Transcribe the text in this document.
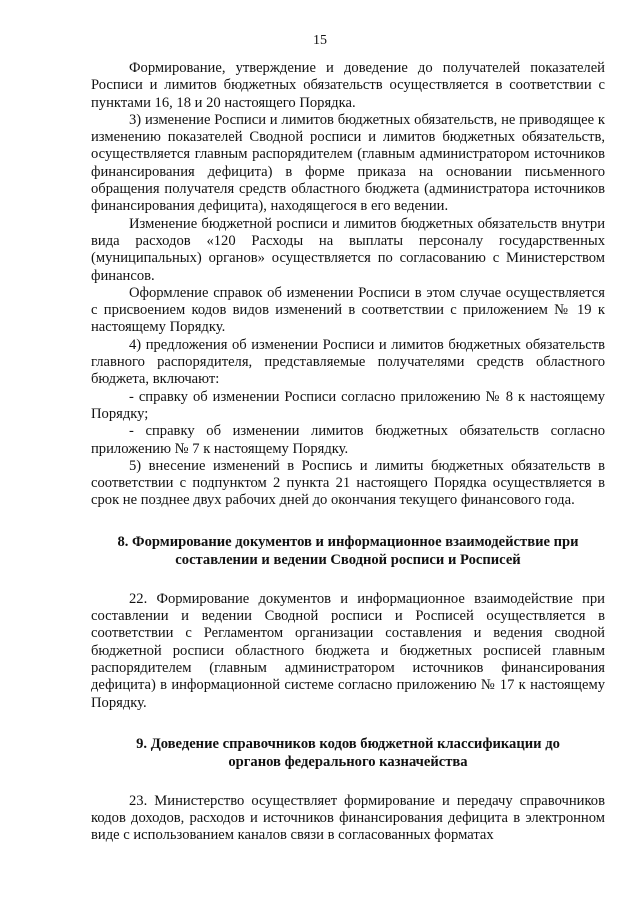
15

Формирование, утверждение и доведение до получателей показателей Росписи и лимитов бюджетных обязательств осуществляется в соответствии с пунктами 16, 18 и 20 настоящего Порядка.

3) изменение Росписи и лимитов бюджетных обязательств, не приводящее к изменению показателей Сводной росписи и лимитов бюджетных обязательств, осуществляется главным распорядителем (главным администратором источников финансирования дефицита) в форме приказа на основании письменного обращения получателя средств областного бюджета (администратора источников финансирования дефицита), находящегося в его ведении.

Изменение бюджетной росписи и лимитов бюджетных обязательств внутри вида расходов «120 Расходы на выплаты персоналу государственных (муниципальных) органов» осуществляется по согласованию с Министерством финансов.

Оформление справок об изменении Росписи в этом случае осуществляется с присвоением кодов видов изменений в соответствии с приложением № 19 к настоящему Порядку.

4) предложения об изменении Росписи и лимитов бюджетных обязательств главного распорядителя, представляемые получателями средств областного бюджета, включают:

- справку об изменении Росписи согласно приложению № 8 к настоящему Порядку;

- справку об изменении лимитов бюджетных обязательств согласно приложению № 7 к настоящему Порядку.

5) внесение изменений в Роспись и лимиты бюджетных обязательств в соответствии с подпунктом 2 пункта 21 настоящего Порядка осуществляется в срок не позднее двух рабочих дней до окончания текущего финансового года.

8. Формирование документов и информационное взаимодействие при

составлении и ведении Сводной росписи и Росписей

22. Формирование документов и информационное взаимодействие при составлении и ведении Сводной росписи и Росписей осуществляется в соответствии с Регламентом организации составления и ведения сводной бюджетной росписи областного бюджета и бюджетных росписей главным распорядителем (главным администратором источников финансирования дефицита) в информационной системе согласно приложению № 17 к настоящему Порядку.

9. Доведение справочников кодов бюджетной классификации до

органов федерального казначейства

23. Министерство осуществляет формирование и передачу справочников кодов доходов, расходов и источников финансирования дефицита в электронном виде с использованием каналов связи в согласованных форматах
